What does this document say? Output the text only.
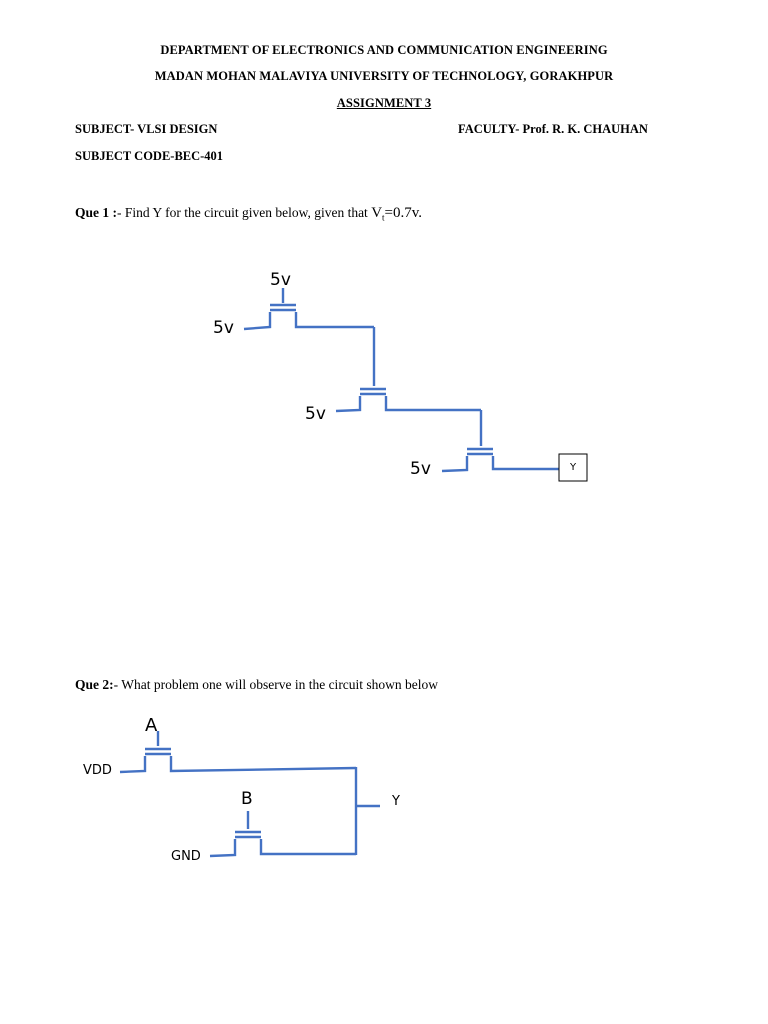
DEPARTMENT OF ELECTRONICS AND COMMUNICATION ENGINEERING
MADAN MOHAN MALAVIYA UNIVERSITY OF TECHNOLOGY, GORAKHPUR
ASSIGNMENT 3
SUBJECT- VLSI DESIGN	FACULTY- Prof. R. K. CHAUHAN
SUBJECT CODE-BEC-401
Que 1 :- Find Y for the circuit given below, given that $V_t=0.7v$.
5v
5v
5v
5v	Y
A
B
VDD
GND
Y
Que 2:- What problem one will observe in the circuit shown below
